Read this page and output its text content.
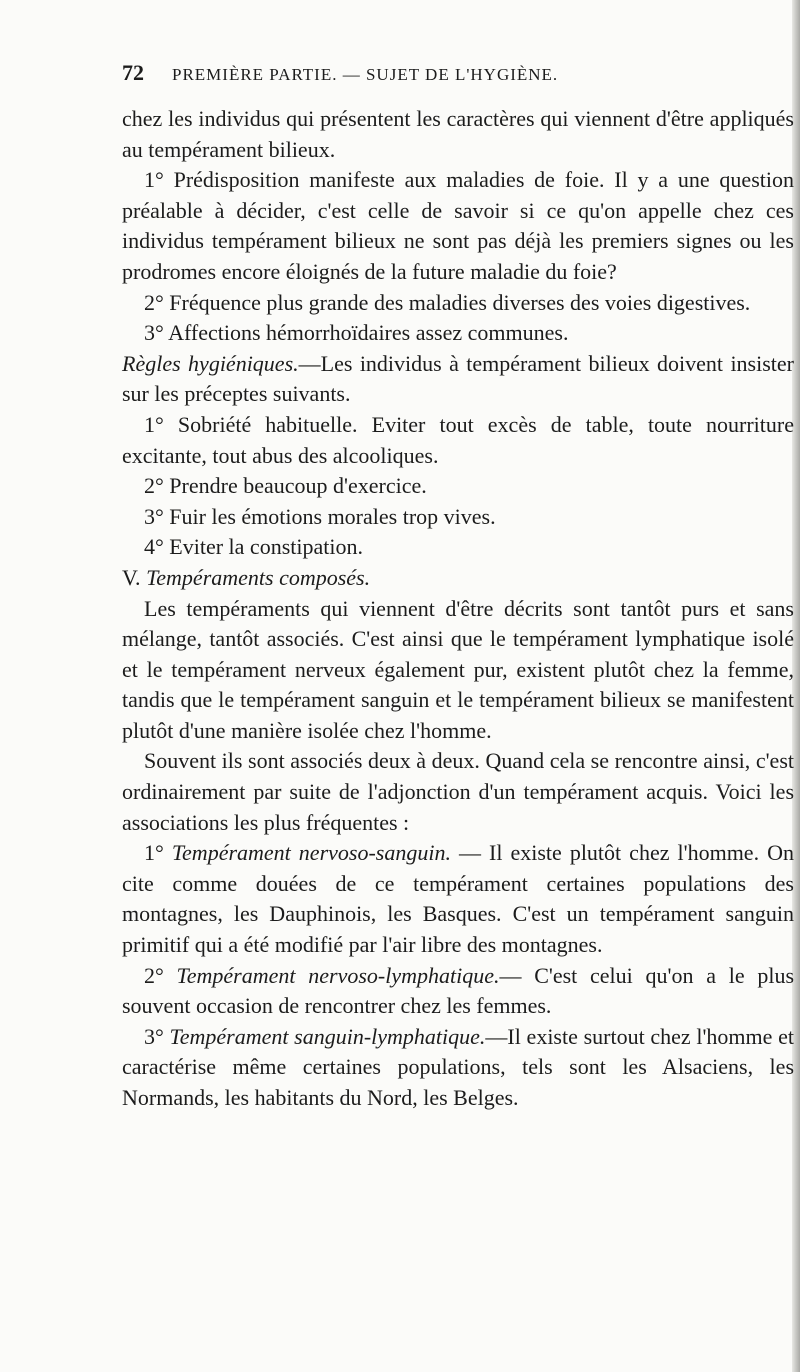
72 PREMIÈRE PARTIE. — SUJET DE L'HYGIÈNE.

chez les individus qui présentent les caractères qui viennent d'être appliqués au tempérament bilieux.

1° Prédisposition manifeste aux maladies de foie. Il y a une question préalable à décider, c'est celle de savoir si ce qu'on appelle chez ces individus tempérament bilieux ne sont pas déjà les premiers signes ou les prodromes encore éloignés de la future maladie du foie?

2° Fréquence plus grande des maladies diverses des voies digestives.

3° Affections hémorrhoïdaires assez communes.

Règles hygiéniques.—Les individus à tempérament bilieux doivent insister sur les préceptes suivants.

1° Sobriété habituelle. Eviter tout excès de table, toute nourriture excitante, tout abus des alcooliques.

2° Prendre beaucoup d'exercice.

3° Fuir les émotions morales trop vives.

4° Eviter la constipation.

V. Tempéraments composés.

Les tempéraments qui viennent d'être décrits sont tantôt purs et sans mélange, tantôt associés. C'est ainsi que le tempérament lymphatique isolé et le tempérament nerveux également pur, existent plutôt chez la femme, tandis que le tempérament sanguin et le tempérament bilieux se manifestent plutôt d'une manière isolée chez l'homme.

Souvent ils sont associés deux à deux. Quand cela se rencontre ainsi, c'est ordinairement par suite de l'adjonction d'un tempérament acquis. Voici les associations les plus fréquentes :

1° Tempérament nervoso-sanguin. — Il existe plutôt chez l'homme. On cite comme douées de ce tempérament certaines populations des montagnes, les Dauphinois, les Basques. C'est un tempérament sanguin primitif qui a été modifié par l'air libre des montagnes.

2° Tempérament nervoso-lymphatique.— C'est celui qu'on a le plus souvent occasion de rencontrer chez les femmes.

3° Tempérament sanguin-lymphatique.—Il existe surtout chez l'homme et caractérise même certaines populations, tels sont les Alsaciens, les Normands, les habitants du Nord, les Belges.
